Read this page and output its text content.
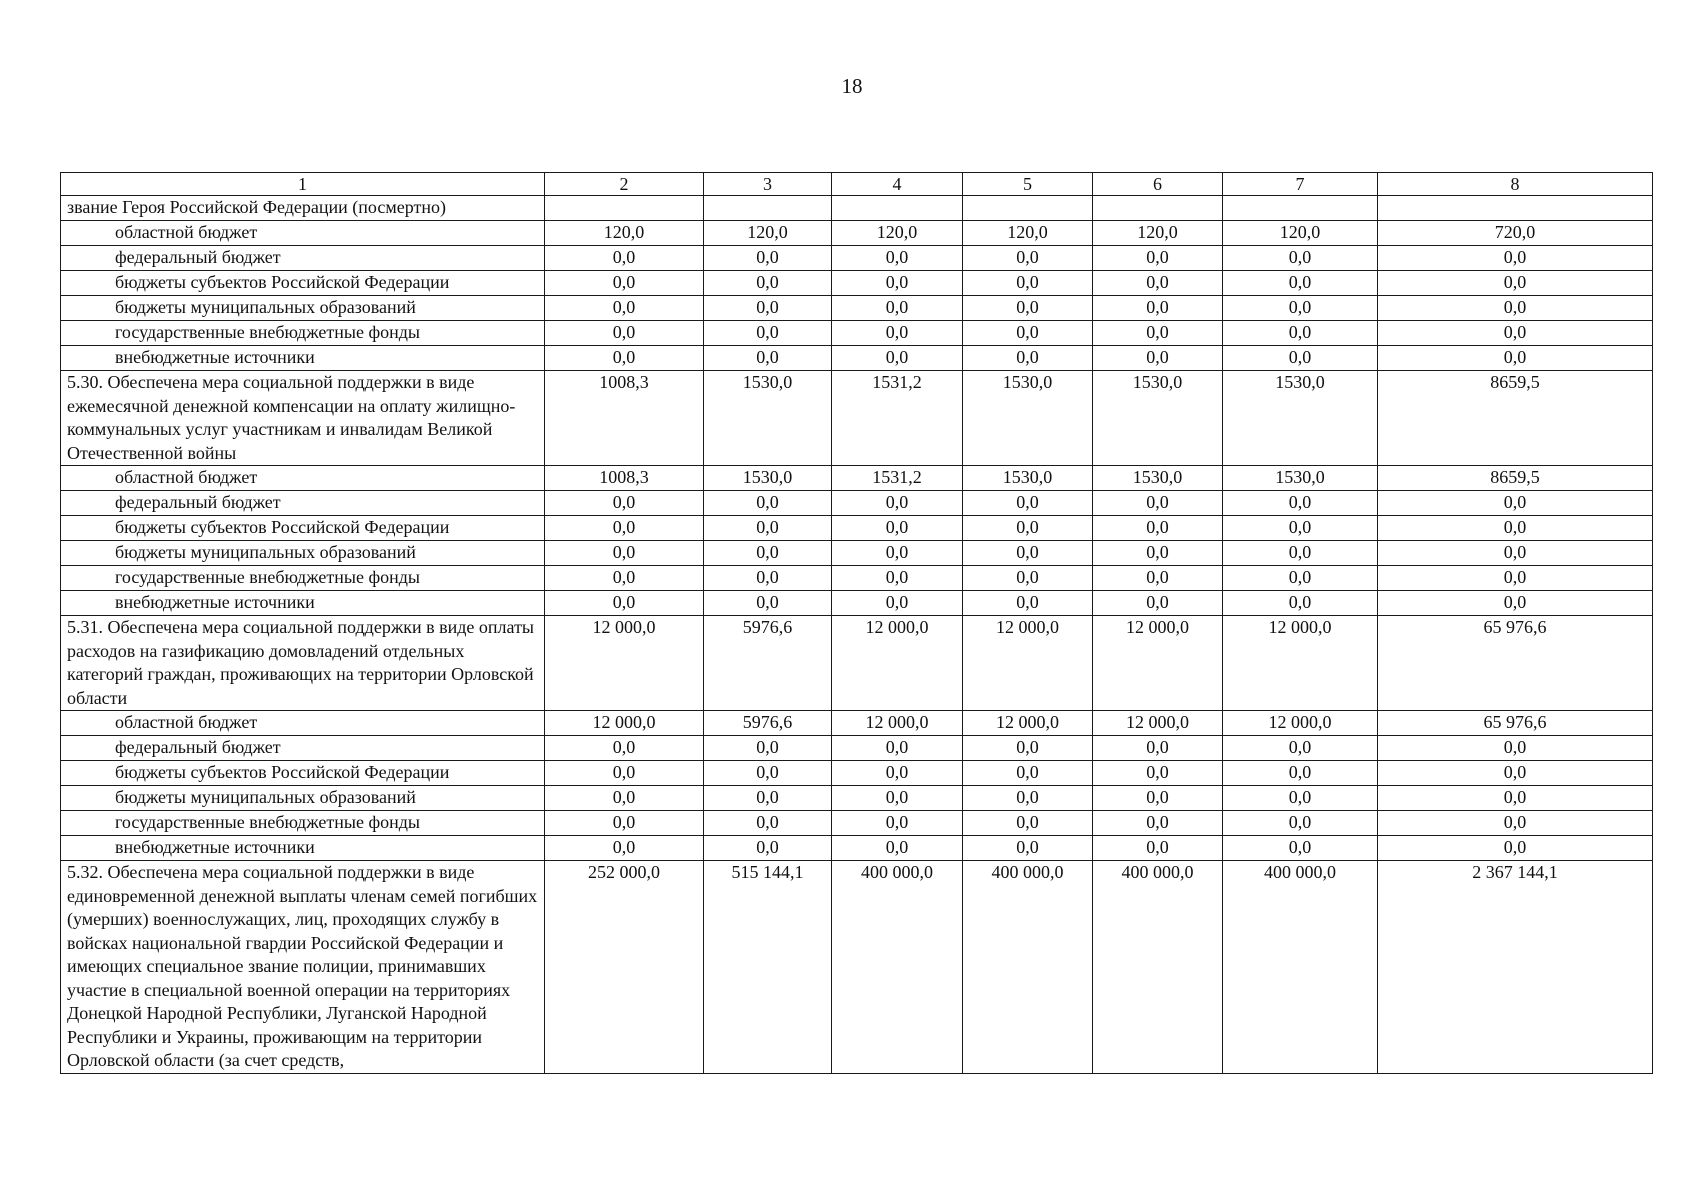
18
1	2	3	4	5	6	7	8
звание Героя Российской Федерации (посмертно)							
областной бюджет	120,0	120,0	120,0	120,0	120,0	120,0	720,0
федеральный бюджет	0,0	0,0	0,0	0,0	0,0	0,0	0,0
бюджеты субъектов Российской Федерации	0,0	0,0	0,0	0,0	0,0	0,0	0,0
бюджеты муниципальных образований	0,0	0,0	0,0	0,0	0,0	0,0	0,0
государственные внебюджетные фонды	0,0	0,0	0,0	0,0	0,0	0,0	0,0
внебюджетные источники	0,0	0,0	0,0	0,0	0,0	0,0	0,0
5.30. Обеспечена мера социальной поддержки в виде ежемесячной денежной компенсации на оплату жилищно-коммунальных услуг участникам и инвалидам Великой Отечественной войны	1008,3	1530,0	1531,2	1530,0	1530,0	1530,0	8659,5
областной бюджет	1008,3	1530,0	1531,2	1530,0	1530,0	1530,0	8659,5
федеральный бюджет	0,0	0,0	0,0	0,0	0,0	0,0	0,0
бюджеты субъектов Российской Федерации	0,0	0,0	0,0	0,0	0,0	0,0	0,0
бюджеты муниципальных образований	0,0	0,0	0,0	0,0	0,0	0,0	0,0
государственные внебюджетные фонды	0,0	0,0	0,0	0,0	0,0	0,0	0,0
внебюджетные источники	0,0	0,0	0,0	0,0	0,0	0,0	0,0
5.31. Обеспечена мера социальной поддержки в виде оплаты расходов на газификацию домовладений отдельных категорий граждан, проживающих на территории Орловской области	12 000,0	5976,6	12 000,0	12 000,0	12 000,0	12 000,0	65 976,6
областной бюджет	12 000,0	5976,6	12 000,0	12 000,0	12 000,0	12 000,0	65 976,6
федеральный бюджет	0,0	0,0	0,0	0,0	0,0	0,0	0,0
бюджеты субъектов Российской Федерации	0,0	0,0	0,0	0,0	0,0	0,0	0,0
бюджеты муниципальных образований	0,0	0,0	0,0	0,0	0,0	0,0	0,0
государственные внебюджетные фонды	0,0	0,0	0,0	0,0	0,0	0,0	0,0
внебюджетные источники	0,0	0,0	0,0	0,0	0,0	0,0	0,0
5.32. Обеспечена мера социальной поддержки в виде единовременной денежной выплаты членам семей погибших (умерших) военнослужащих, лиц, проходящих службу в войсках национальной гвардии Российской Федерации и имеющих специальное звание полиции, принимавших участие в специальной военной операции на территориях Донецкой Народной Республики, Луганской Народной Республики и Украины, проживающим на территории Орловской области (за счет средств,	252 000,0	515 144,1	400 000,0	400 000,0	400 000,0	400 000,0	2 367 144,1
